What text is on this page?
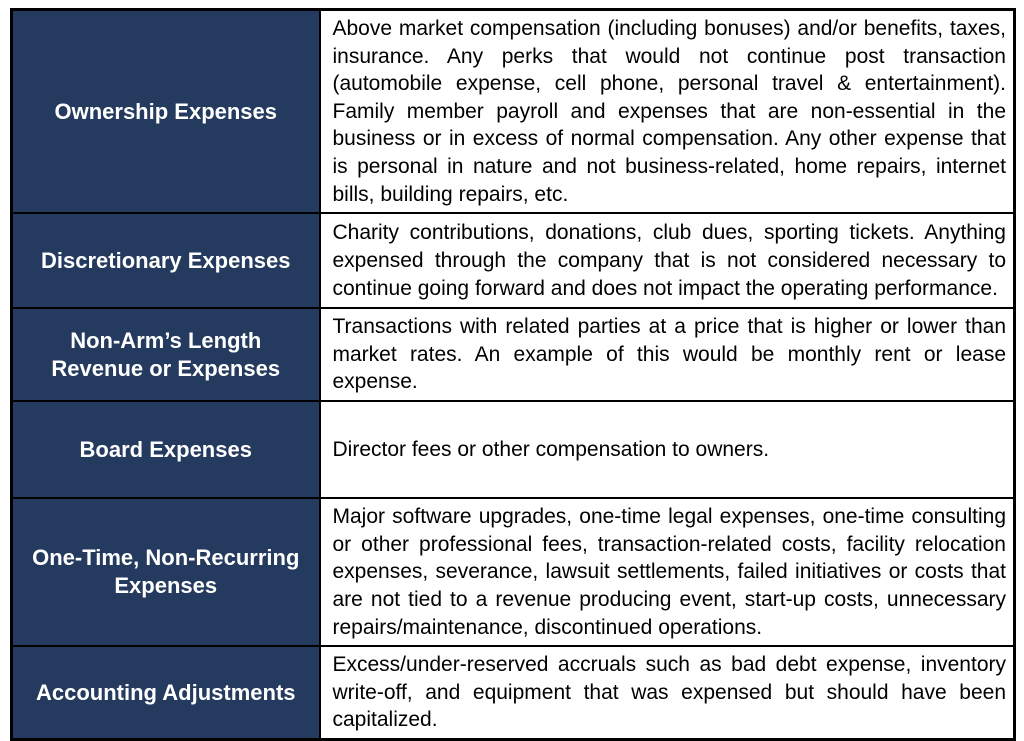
Ownership Expenses	Above market compensation (including bonuses) and/or benefits, taxes, insurance. Any perks that would not continue post transaction (automobile expense, cell phone, personal travel & entertainment). Family member payroll and expenses that are non-essential in the business or in excess of normal compensation. Any other expense that is personal in nature and not business-related, home repairs, internet bills, building repairs, etc.
Discretionary Expenses	Charity contributions, donations, club dues, sporting tickets. Anything expensed through the company that is not considered necessary to continue going forward and does not impact the operating performance.
Non-Arm’s Length Revenue or Expenses	Transactions with related parties at a price that is higher or lower than market rates. An example of this would be monthly rent or lease expense.
Board Expenses	Director fees or other compensation to owners.
One-Time, Non-Recurring Expenses	Major software upgrades, one-time legal expenses, one-time consulting or other professional fees, transaction-related costs, facility relocation expenses, severance, lawsuit settlements, failed initiatives or costs that are not tied to a revenue producing event, start-up costs, unnecessary repairs/maintenance, discontinued operations.
Accounting Adjustments	Excess/under-reserved accruals such as bad debt expense, inventory write-off, and equipment that was expensed but should have been capitalized.
